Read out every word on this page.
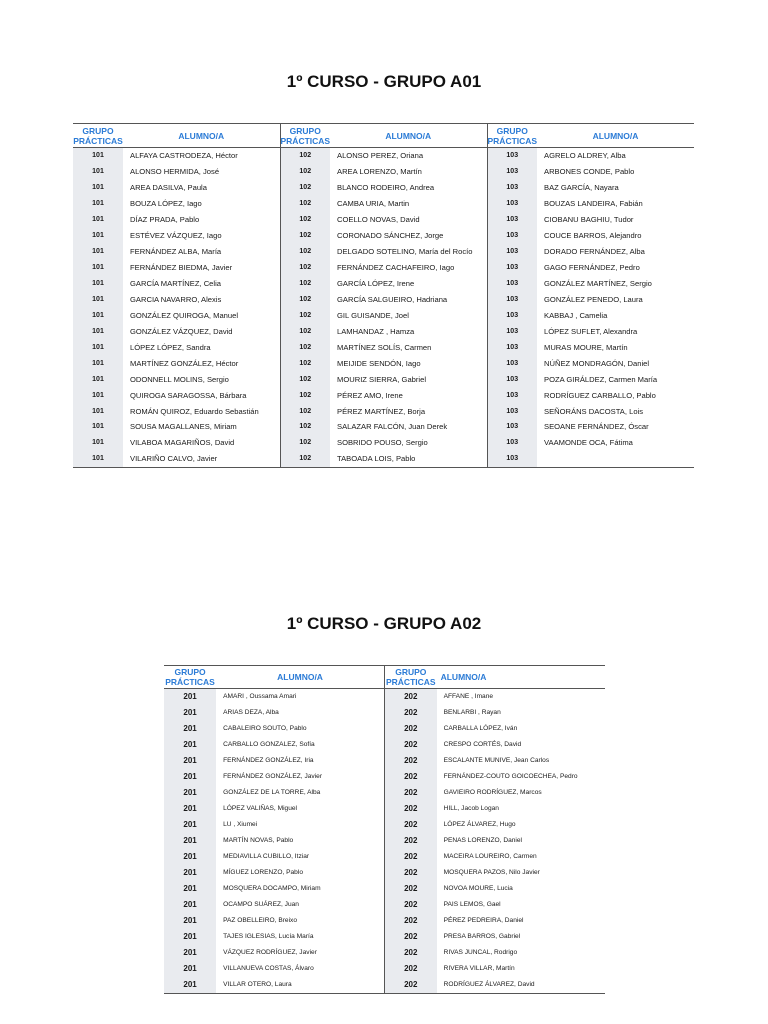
1º CURSO - GRUPO A01
GRUPO
PRÁCTICAS	ALUMNO/A	GRUPO
PRÁCTICAS	ALUMNO/A	GRUPO
PRÁCTICAS	ALUMNO/A
101	ALFAYA CASTRODEZA, Héctor	102	ALONSO PEREZ, Oriana	103	AGRELO ALDREY, Alba
101	ALONSO HERMIDA, José	102	AREA LORENZO, Martín	103	ARBONES CONDE, Pablo
101	AREA DASILVA, Paula	102	BLANCO RODEIRO, Andrea	103	BAZ GARCÍA, Nayara
101	BOUZA LÓPEZ, Iago	102	CAMBA URIA, Martin	103	BOUZAS LANDEIRA, Fabián
101	DÍAZ PRADA, Pablo	102	COELLO NOVAS, David	103	CIOBANU BAGHIU, Tudor
101	ESTÉVEZ VÁZQUEZ, Iago	102	CORONADO SÁNCHEZ, Jorge	103	COUCE BARROS, Alejandro
101	FERNÁNDEZ ALBA, María	102	DELGADO SOTELINO, María del Rocío	103	DORADO FERNÁNDEZ, Alba
101	FERNÁNDEZ BIEDMA, Javier	102	FERNÁNDEZ CACHAFEIRO, Iago	103	GAGO FERNÁNDEZ, Pedro
101	GARCÍA MARTÍNEZ, Celia	102	GARCÍA LÓPEZ, Irene	103	GONZÁLEZ MARTÍNEZ, Sergio
101	GARCIA NAVARRO, Alexis	102	GARCÍA SALGUEIRO, Hadriana	103	GONZÁLEZ PENEDO, Laura
101	GONZÁLEZ QUIROGA, Manuel	102	GIL GUISANDE, Joel	103	KABBAJ , Camelia
101	GONZÁLEZ VÁZQUEZ, David	102	LAMHANDAZ , Hamza	103	LÓPEZ SUFLET, Alexandra
101	LÓPEZ LÓPEZ, Sandra	102	MARTÍNEZ SOLÍS, Carmen	103	MURAS MOURE, Martín
101	MARTÍNEZ GONZÁLEZ, Héctor	102	MEIJIDE SENDÓN, Iago	103	NÚÑEZ MONDRAGÓN, Daniel
101	ODONNELL MOLINS, Sergio	102	MOURIZ SIERRA, Gabriel	103	POZA GIRÁLDEZ, Carmen María
101	QUIROGA SARAGOSSA, Bárbara	102	PÉREZ AMO, Irene	103	RODRÍGUEZ CARBALLO, Pablo
101	ROMÁN QUIROZ, Eduardo Sebastián	102	PÉREZ MARTÍNEZ, Borja	103	SEÑORÁNS DACOSTA, Lois
101	SOUSA MAGALLANES, Miriam	102	SALAZAR FALCÓN, Juan Derek	103	SEOANE FERNÁNDEZ, Óscar
101	VILABOA MAGARIÑOS, David	102	SOBRIDO POUSO, Sergio	103	VAAMONDE OCA, Fátima
101	VILARIÑO CALVO, Javier	102	TABOADA LOIS, Pablo	103	
1º CURSO - GRUPO A02
GRUPO
PRÁCTICAS	ALUMNO/A	GRUPO
PRÁCTICAS	ALUMNO/A
201	AMARI , Oussama Amari	202	AFFANE , Imane
201	ARIAS DEZA, Alba	202	BENLARBI , Rayan
201	CABALEIRO SOUTO, Pablo	202	CARBALLA LÓPEZ, Iván
201	CARBALLO GONZALEZ, Sofía	202	CRESPO CORTÉS, David
201	FERNÁNDEZ GONZÁLEZ, Iria	202	ESCALANTE MUNIVE, Jean Carlos
201	FERNÁNDEZ GONZÁLEZ, Javier	202	FERNÁNDEZ-COUTO GOICOECHEA, Pedro
201	GONZÁLEZ DE LA TORRE, Alba	202	GAVIEIRO RODRÍGUEZ, Marcos
201	LÓPEZ VALIÑAS, Miguel	202	HILL, Jacob Logan
201	LU , Xiumei	202	LÓPEZ ÁLVAREZ, Hugo
201	MARTÍN NOVAS, Pablo	202	PENAS LORENZO, Daniel
201	MEDIAVILLA CUBILLO, Itziar	202	MACEIRA LOUREIRO, Carmen
201	MÍGUEZ LORENZO, Pablo	202	MOSQUERA PAZOS, Nilo Javier
201	MOSQUERA DOCAMPO, Miriam	202	NOVOA MOURE, Lucia
201	OCAMPO SUÁREZ, Juan	202	PAIS LEMOS, Gael
201	PAZ OBELLEIRO, Breixo	202	PÉREZ PEDREIRA, Daniel
201	TAJES IGLESIAS, Lucía María	202	PRESA BARROS, Gabriel
201	VÁZQUEZ RODRÍGUEZ, Javier	202	RIVAS JUNCAL, Rodrigo
201	VILLANUEVA COSTAS, Álvaro	202	RIVERA VILLAR, Martín
201	VILLAR OTERO, Laura	202	RODRÍGUEZ ÁLVAREZ, David
